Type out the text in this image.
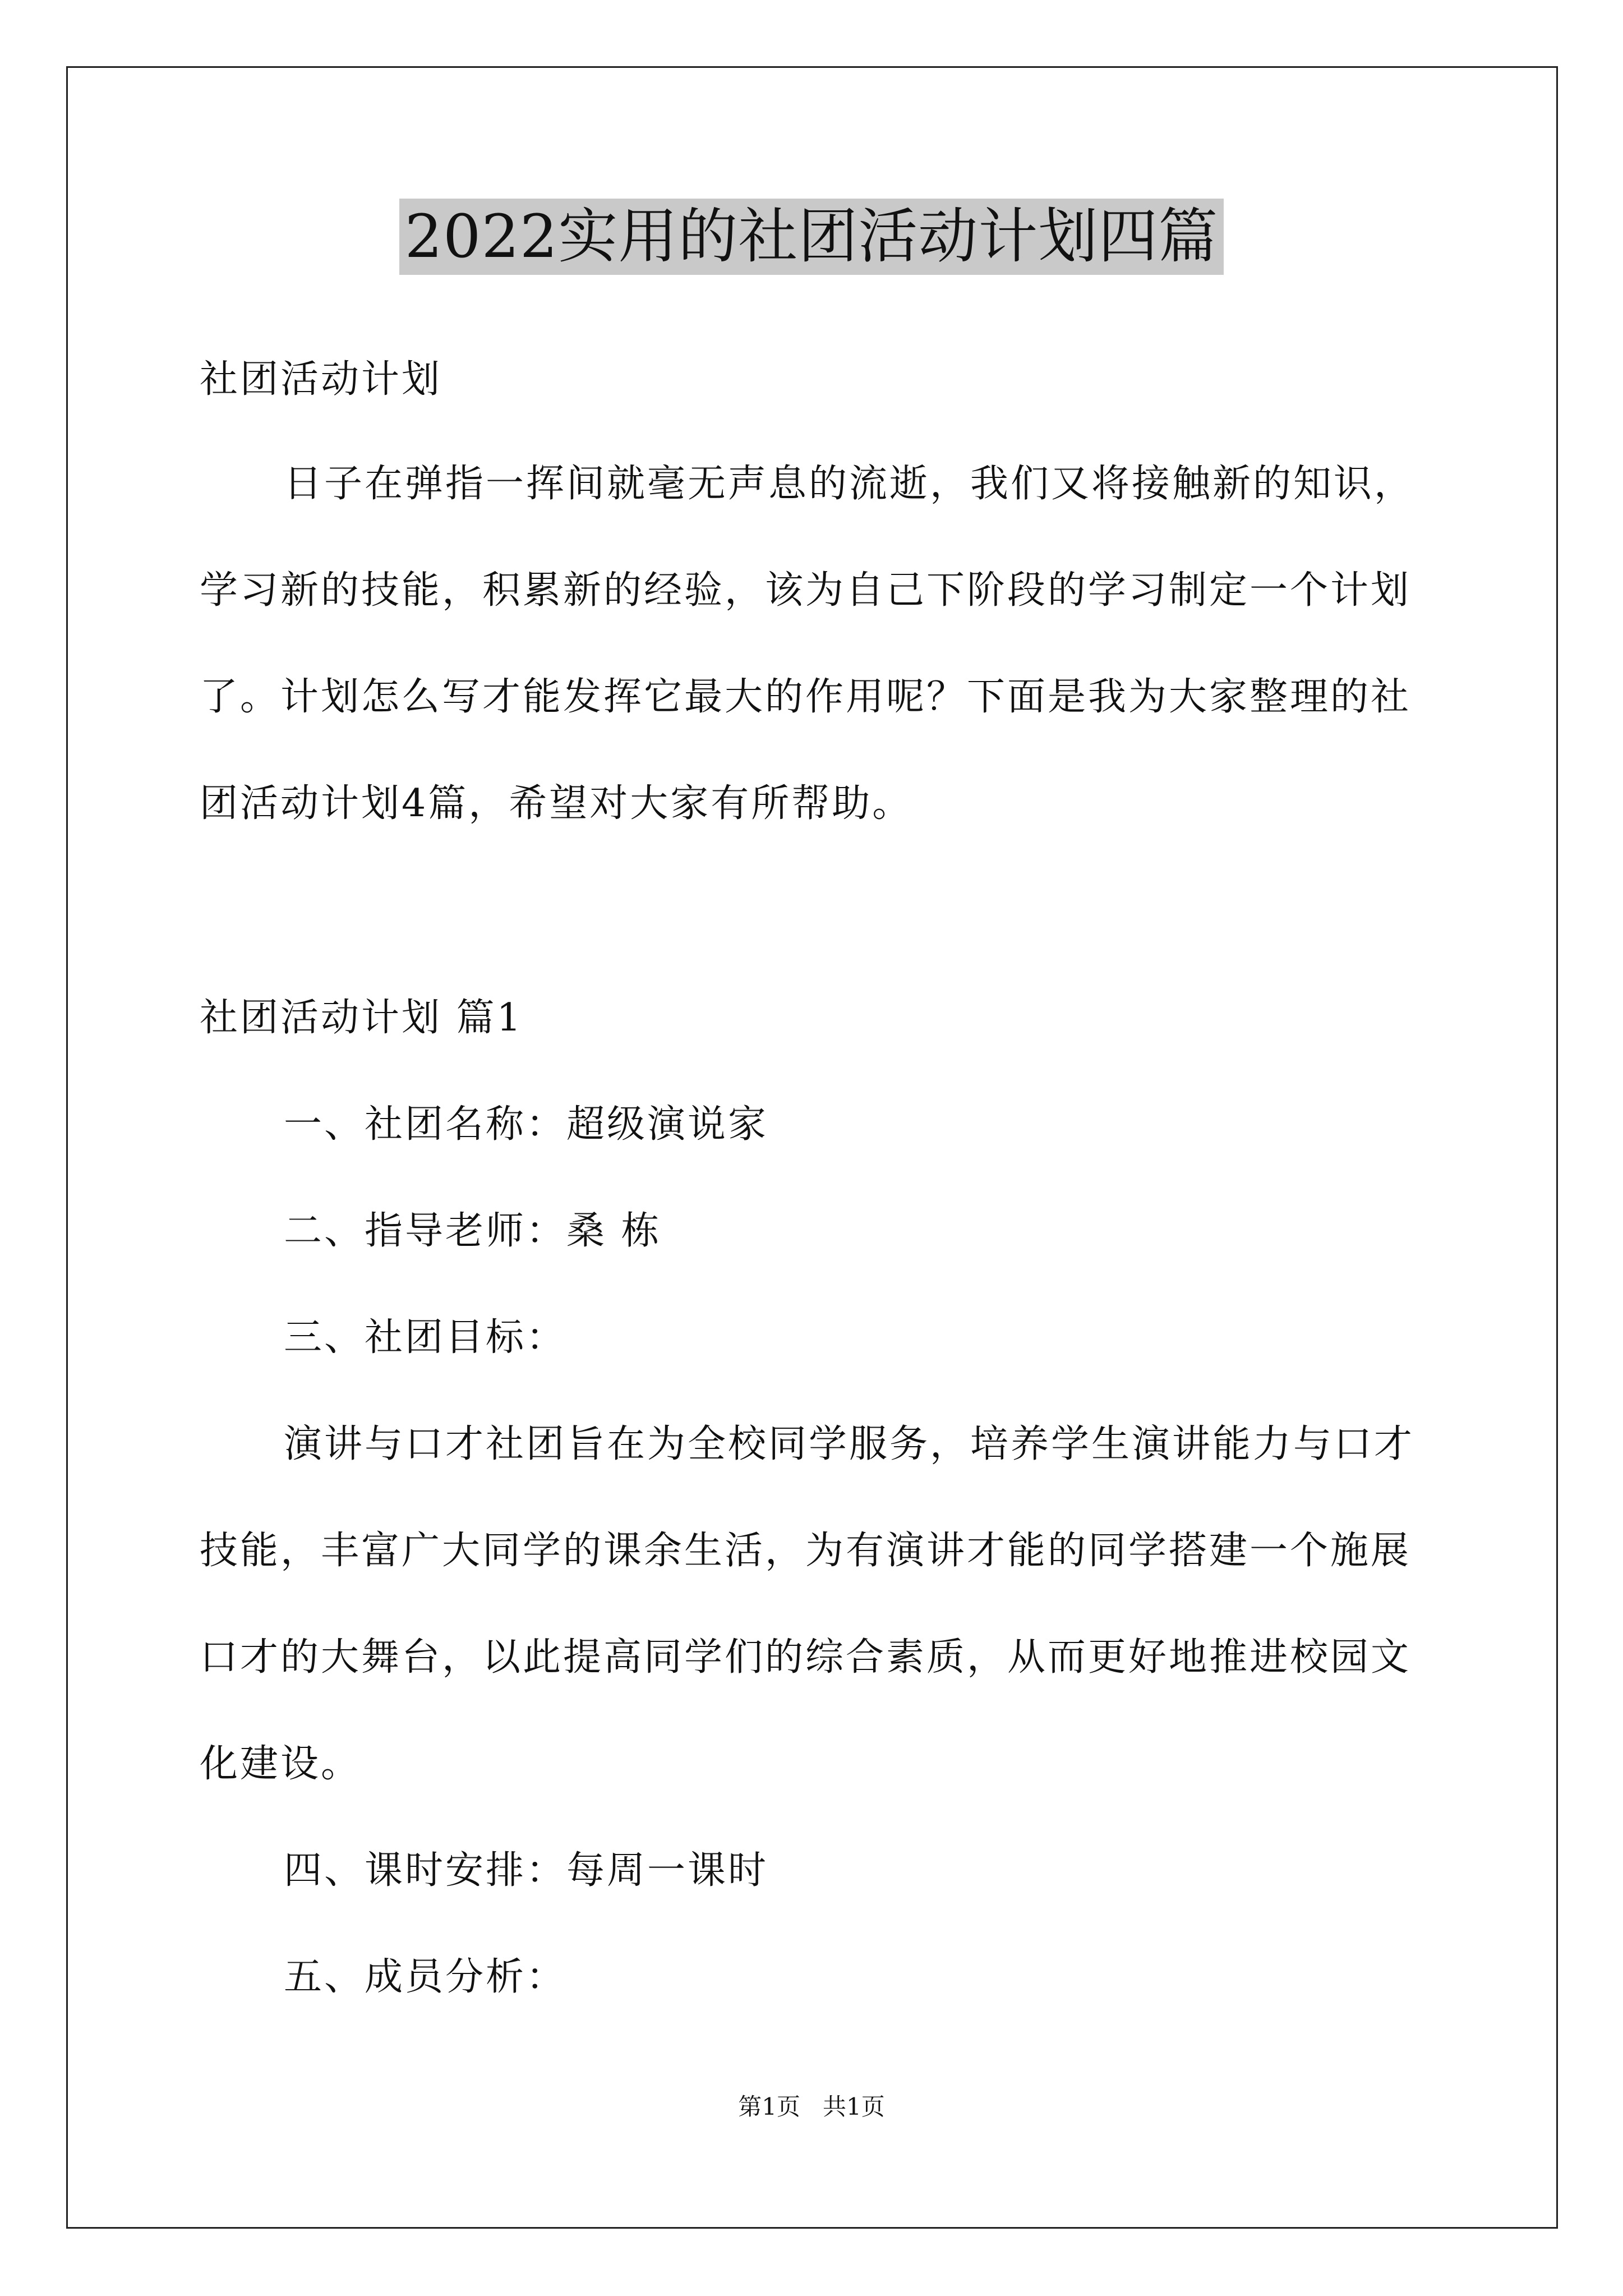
2022实用的社团活动计划四篇
社团活动计划
日子在弹指一挥间就毫无声息的流逝，我们又将接触新的知识，
学习新的技能，积累新的经验，该为自己下阶段的学习制定一个计划
了。计划怎么写才能发挥它最大的作用呢？下面是我为大家整理的社
团活动计划4篇，希望对大家有所帮助。
社团活动计划 篇1
一、社团名称：超级演说家
二、指导老师：桑 栋
三、社团目标：
演讲与口才社团旨在为全校同学服务，培养学生演讲能力与口才
技能，丰富广大同学的课余生活，为有演讲才能的同学搭建一个施展
口才的大舞台，以此提高同学们的综合素质，从而更好地推进校园文
化建设。
四、课时安排：每周一课时
五、成员分析：
第1页   共1页
